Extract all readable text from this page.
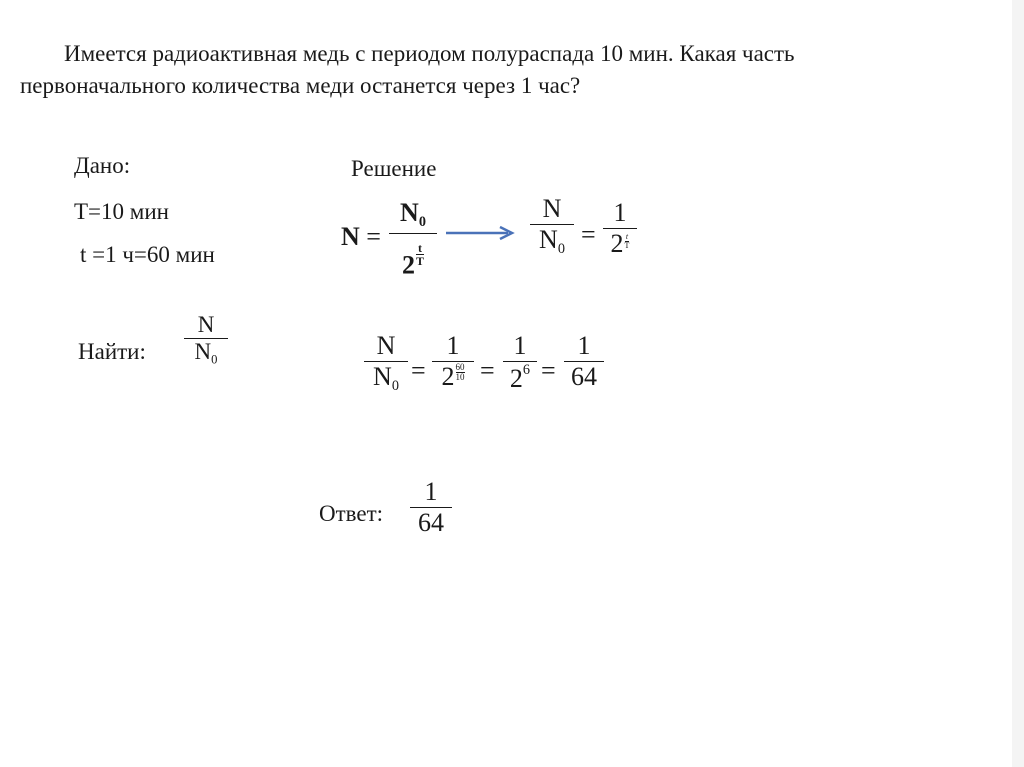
Имеется радиоактивная медь с периодом полураспада 10 мин. Какая часть
первоначального количества меди останется через 1 час?
Дано:
Т=10 мин
t =1 ч=60 мин
Найти:
N
$N_0$
Решение
N =
$N_0$
$2 \frac{t}{T}$
N
$N_0$ =
1
$2 \frac{t}{T}$
N
$N_0$
=
1
$2 \frac{60}{10}$ =
1
$2^6$ =
1
64
Ответ:
1
64
